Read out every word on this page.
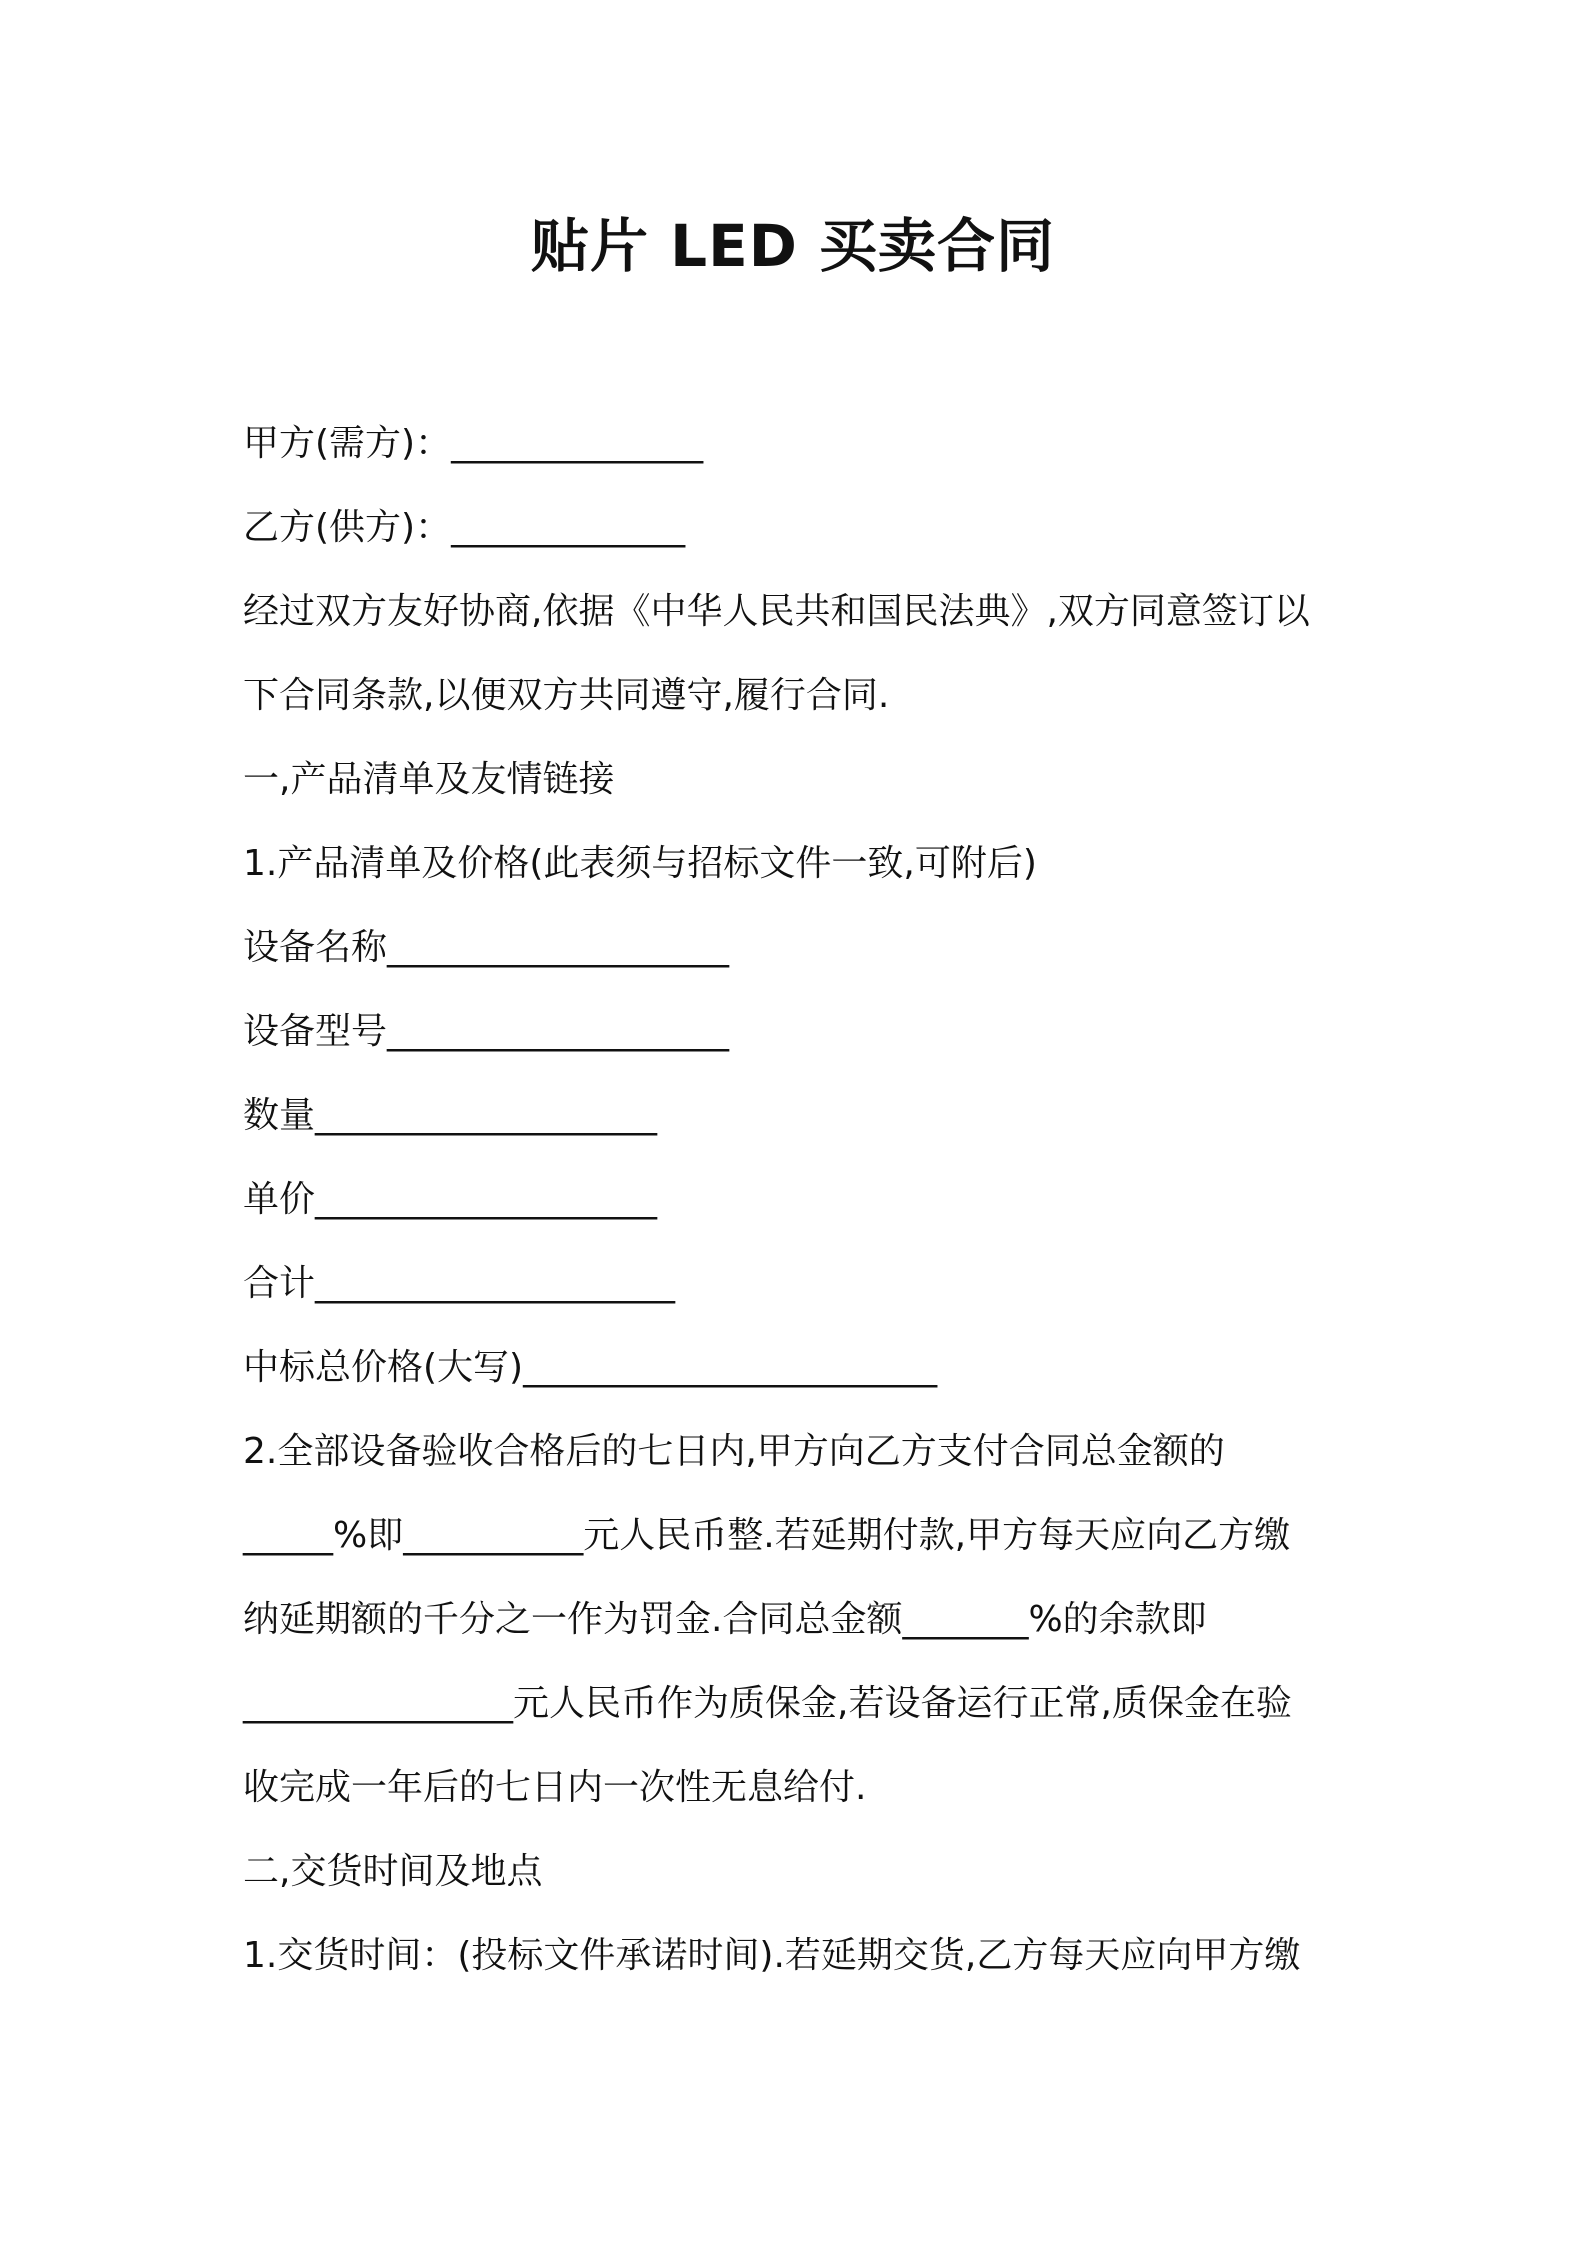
贴片 LED 买卖合同
甲方(需方)：______________
乙方(供方)：_____________
经过双方友好协商,依据《中华人民共和国民法典》,双方同意签订以
下合同条款,以便双方共同遵守,履行合同.
一,产品清单及友情链接
1.产品清单及价格(此表须与招标文件一致,可附后)
设备名称___________________
设备型号___________________
数量___________________
单价___________________
合计____________________
中标总价格(大写)_______________________
2.全部设备验收合格后的七日内,甲方向乙方支付合同总金额的
_____%即__________元人民币整.若延期付款,甲方每天应向乙方缴
纳延期额的千分之一作为罚金.合同总金额_______%的余款即
_______________元人民币作为质保金,若设备运行正常,质保金在验
收完成一年后的七日内一次性无息给付.
二,交货时间及地点
1.交货时间：(投标文件承诺时间).若延期交货,乙方每天应向甲方缴
